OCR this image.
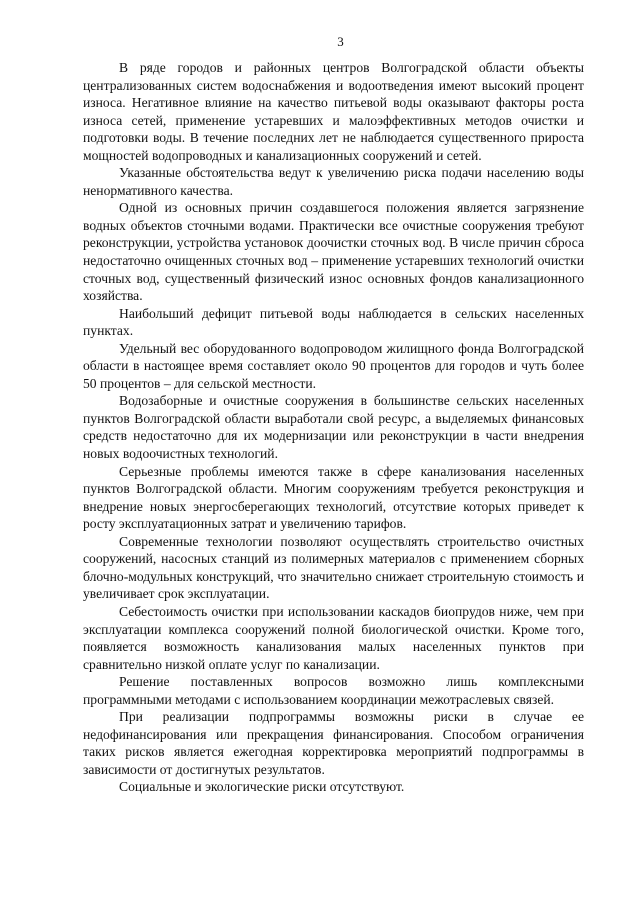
3

В ряде городов и районных центров Волгоградской области объекты централизованных систем водоснабжения и водоотведения имеют высокий процент износа. Негативное влияние на качество питьевой воды оказывают факторы роста износа сетей, применение устаревших и малоэффективных методов очистки и подготовки воды. В течение последних лет не наблюдается существенного прироста мощностей водопроводных и канализационных сооружений и сетей.

Указанные обстоятельства ведут к увеличению риска подачи населению воды ненормативного качества.

Одной из основных причин создавшегося положения является загрязнение водных объектов сточными водами. Практически все очистные сооружения требуют реконструкции, устройства установок доочистки сточных вод. В числе причин сброса недостаточно очищенных сточных вод – применение устаревших технологий очистки сточных вод, существенный физический износ основных фондов канализационного хозяйства.

Наибольший дефицит питьевой воды наблюдается в сельских населенных пунктах.

Удельный вес оборудованного водопроводом жилищного фонда Волгоградской области в настоящее время составляет около 90 процентов для городов и чуть более 50 процентов – для сельской местности.

Водозаборные и очистные сооружения в большинстве сельских населенных пунктов Волгоградской области выработали свой ресурс, а выделяемых финансовых средств недостаточно для их модернизации или реконструкции в части внедрения новых водоочистных технологий.

Серьезные проблемы имеются также в сфере канализования населенных пунктов Волгоградской области. Многим сооружениям требуется реконструкция и внедрение новых энергосберегающих технологий, отсутствие которых приведет к росту эксплуатационных затрат и увеличению тарифов.

Современные технологии позволяют осуществлять строительство очистных сооружений, насосных станций из полимерных материалов с применением сборных блочно-модульных конструкций, что значительно снижает строительную стоимость и увеличивает срок эксплуатации.

Себестоимость очистки при использовании каскадов биопрудов ниже, чем при эксплуатации комплекса сооружений полной биологической очистки. Кроме того, появляется возможность канализования малых населенных пунктов при сравнительно низкой оплате услуг по канализации.

Решение поставленных вопросов возможно лишь комплексными программными методами с использованием координации межотраслевых связей.

При реализации подпрограммы возможны риски в случае ее недофинансирования или прекращения финансирования. Способом ограничения таких рисков является ежегодная корректировка мероприятий подпрограммы в зависимости от достигнутых результатов.

Социальные и экологические риски отсутствуют.
